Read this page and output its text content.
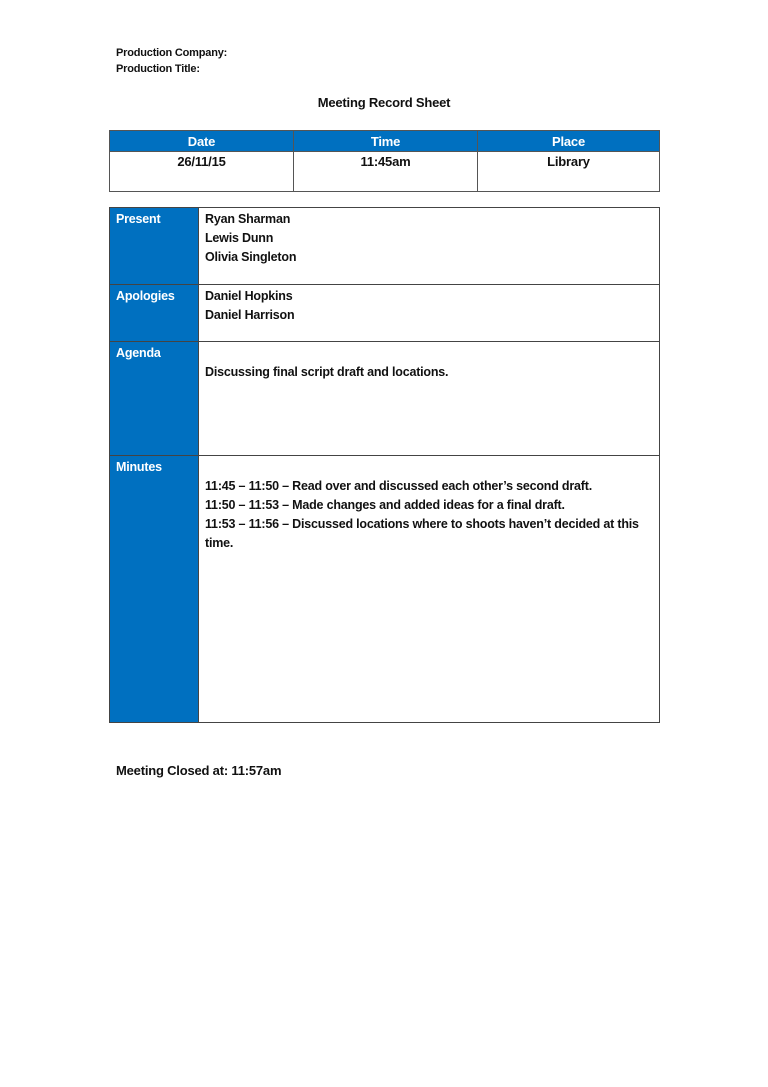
Production Company:
Production Title:
Meeting Record Sheet
Date	Time	Place
26/11/15	11:45am	Library
Present	Ryan Sharman
Lewis Dunn
Olivia Singleton

Apologies	Daniel Hopkins
Daniel Harrison

Agenda	Discussing final script draft and locations.

Minutes	11:45 – 11:50 – Read over and discussed each other’s second draft.
11:50 – 11:53 – Made changes and added ideas for a final draft.
11:53 – 11:56 – Discussed locations where to shoots haven’t decided at this time.
Meeting Closed at: 11:57am
